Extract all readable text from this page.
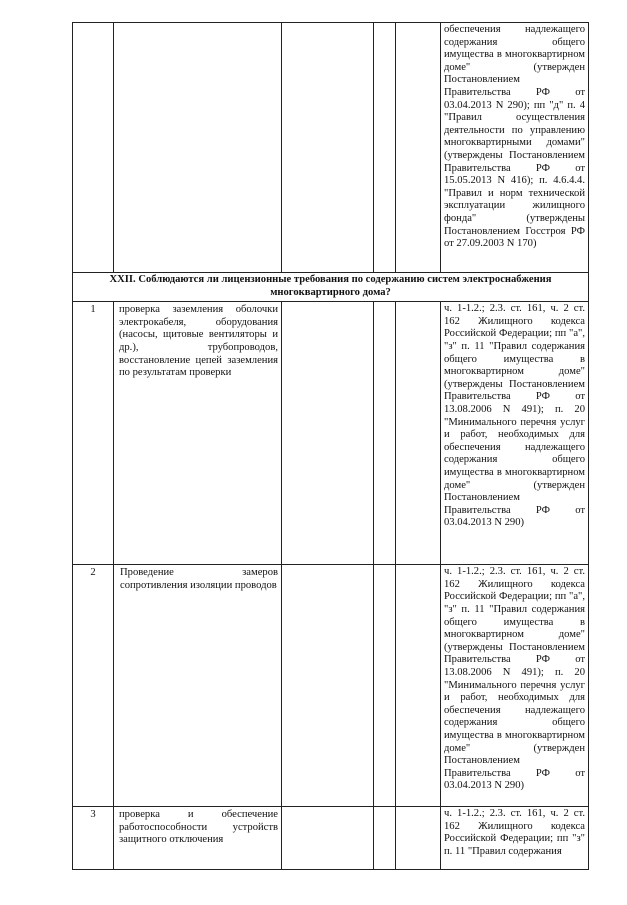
					обеспечения надлежащего содержания общего имущества в многоквартирном доме" (утвержден Постановлением Правительства РФ от 03.04.2013 N 290); пп "д" п. 4 "Правил осуществления деятельности по управлению многоквартирными домами" (утверждены Постановлением Правительства РФ от 15.05.2013 N 416); п. 4.6.4.4. "Правил и норм технической эксплуатации жилищного фонда" (утверждены Постановлением Госстроя РФ от 27.09.2003 N 170)
XXII. Соблюдаются ли лицензионные требования по содержанию систем электроснабжения многоквартирного дома?					
1	проверка заземления оболочки электрокабеля, оборудования (насосы, щитовые вентиляторы и др.), трубопроводов, восстановление цепей заземления по результатам проверки				ч. 1-1.2.; 2.3. ст. 161, ч. 2 ст. 162 Жилищного кодекса Российской Федерации; пп "а", "з" п. 11 "Правил содержания общего имущества в многоквартирном доме" (утверждены Постановлением Правительства РФ от 13.08.2006 N 491); п. 20 "Минимального перечня услуг и работ, необходимых для обеспечения надлежащего содержания общего имущества в многоквартирном доме" (утвержден Постановлением Правительства РФ от 03.04.2013 N 290)
2	Проведение замеров сопротивления изоляции проводов				ч. 1-1.2.; 2.3. ст. 161, ч. 2 ст. 162 Жилищного кодекса Российской Федерации; пп "а", "з" п. 11 "Правил содержания общего имущества в многоквартирном доме" (утверждены Постановлением Правительства РФ от 13.08.2006 N 491); п. 20 "Минимального перечня услуг и работ, необходимых для обеспечения надлежащего содержания общего имущества в многоквартирном доме" (утвержден Постановлением Правительства РФ от 03.04.2013 N 290)
3	проверка и обеспечение работоспособности устройств защитного отключения				ч. 1-1.2.; 2.3. ст. 161, ч. 2 ст. 162 Жилищного кодекса Российской Федерации; пп "з" п. 11 "Правил содержания
